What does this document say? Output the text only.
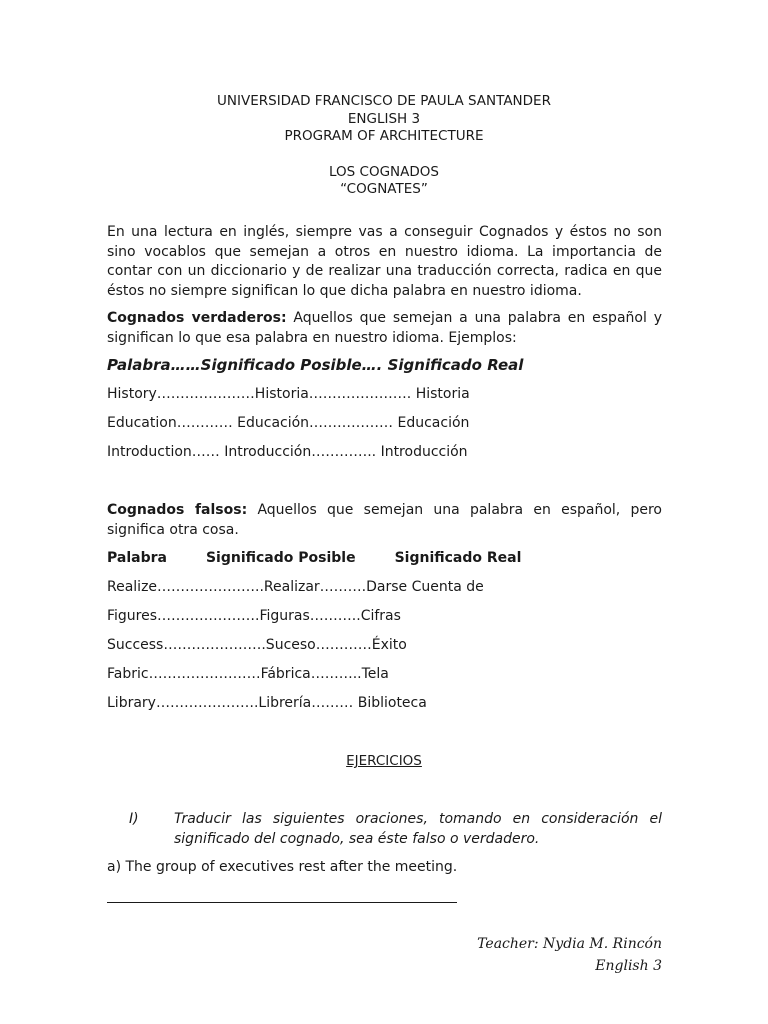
UNIVERSIDAD FRANCISCO DE PAULA SANTANDER
ENGLISH 3
PROGRAM OF ARCHITECTURE
LOS COGNADOS
“COGNATES”
En una lectura en inglés, siempre vas a conseguir Cognados y éstos no son sino vocablos que semejan a otros en nuestro idioma. La importancia de contar con un diccionario y de realizar una traducción correcta, radica en que éstos no siempre significan lo que dicha palabra en nuestro idioma.
Cognados verdaderos: Aquellos que semejan a una palabra en español y significan lo que esa palabra en nuestro idioma. Ejemplos:
Palabra……Significado Posible…. Significado Real
History…………………Historia…………………. Historia
Education………… Educación……………… Educación
Introduction…… Introducción………….. Introducción
Cognados falsos: Aquellos que semejan una palabra en español, pero significa otra cosa.
Palabra        Significado Posible        Significado Real
Realize…………………..Realizar……….Darse Cuenta de
Figures………………….Figuras………..Cifras
Success………………….Suceso…………Éxito
Fabric……………………Fábrica………..Tela
Library………………….Librería……… Biblioteca
EJERCICIOS
I)	Traducir las siguientes oraciones, tomando en consideración el significado del cognado, sea éste falso o verdadero.
a) The group of executives rest after the meeting.
Teacher: Nydia M. Rincón
English 3
